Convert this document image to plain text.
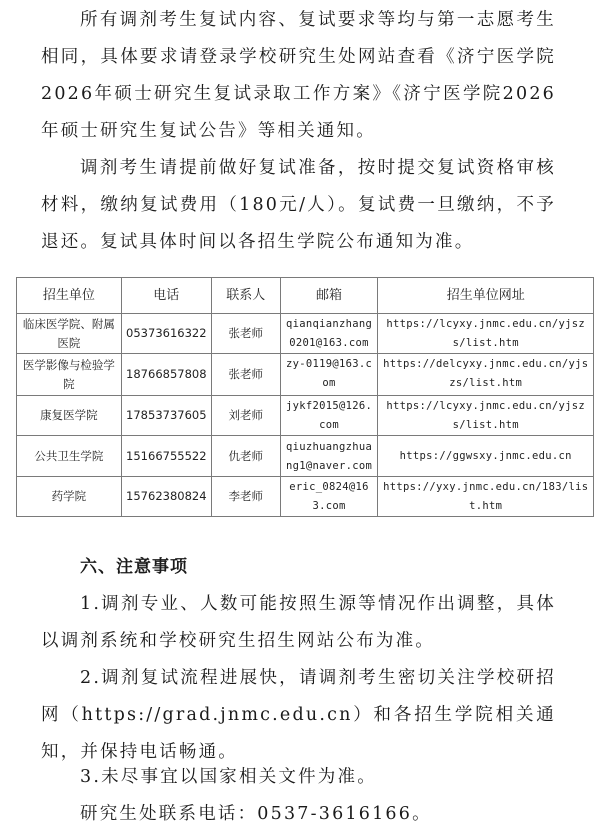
所有调剂考生复试内容、复试要求等均与第一志愿考生相同，具体要求请登录学校研究生处网站查看《济宁医学院2026年硕士研究生复试录取工作方案》《济宁医学院2026年硕士研究生复试公告》等相关通知。

调剂考生请提前做好复试准备，按时提交复试资格审核材料，缴纳复试费用（180元/人）。复试费一旦缴纳，不予退还。复试具体时间以各招生学院公布通知为准。

招生单位	电话	联系人	邮箱	招生单位网址
临床医学院、附属医院	05373616322	张老师	qianqianzhang0201@163.com	https://lcyxy.jnmc.edu.cn/yjszs/list.htm
医学影像与检验学院	18766857808	张老师	zy-0119@163.com	https://delcyxy.jnmc.edu.cn/yjszs/list.htm
康复医学院	17853737605	刘老师	jykf2015@126.com	https://lcyxy.jnmc.edu.cn/yjszs/list.htm
公共卫生学院	15166755522	仇老师	qiuzhuangzhuang1@naver.com	https://ggwsxy.jnmc.edu.cn
药学院	15762380824	李老师	eric_0824@163.com	https://yxy.jnmc.edu.cn/183/list.htm
六、注意事项

1.调剂专业、人数可能按照生源等情况作出调整，具体以调剂系统和学校研究生招生网站公布为准。

2.调剂复试流程进展快，请调剂考生密切关注学校研招网（https://grad.jnmc.edu.cn）和各招生学院相关通知，并保持电话畅通。

3.未尽事宜以国家相关文件为准。

研究生处联系电话：0537-3616166。
